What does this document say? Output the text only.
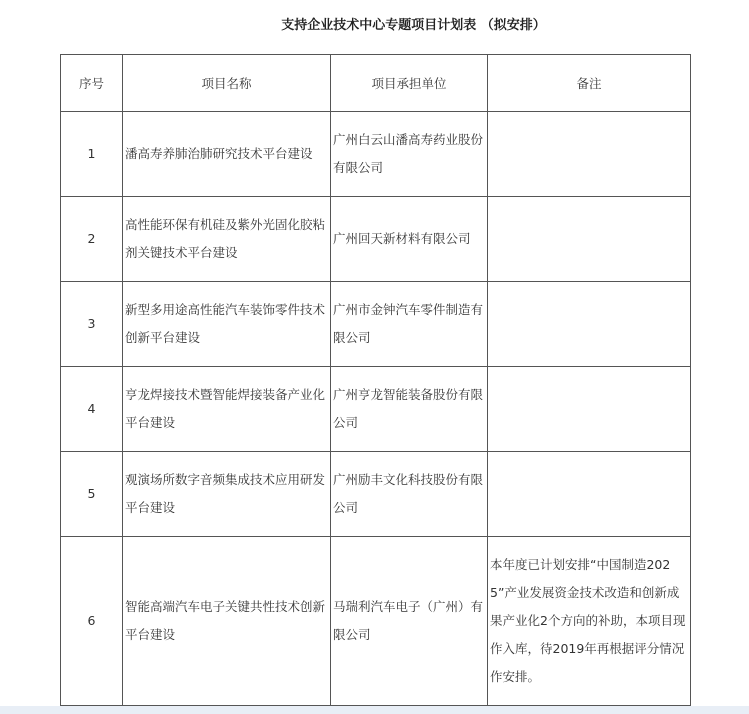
支持企业技术中心专题项目计划表 （拟安排）
序号	项目名称	项目承担单位	备注
1	潘高寿养肺治肺研究技术平台建设	广州白云山潘高寿药业股份有限公司	
2	高性能环保有机硅及紫外光固化胶粘剂关键技术平台建设	广州回天新材料有限公司	
3	新型多用途高性能汽车装饰零件技术创新平台建设	广州市金钟汽车零件制造有限公司	
4	亨龙焊接技术暨智能焊接装备产业化平台建设	广州亨龙智能装备股份有限公司	
5	观演场所数字音频集成技术应用研发平台建设	广州励丰文化科技股份有限公司	
6	智能高端汽车电子关键共性技术创新平台建设	马瑞利汽车电子（广州）有限公司	本年度已计划安排“中国制造2025”产业发展资金技术改造和创新成果产业化2个方向的补助，本项目现作入库，待2019年再根据评分情况作安排。
